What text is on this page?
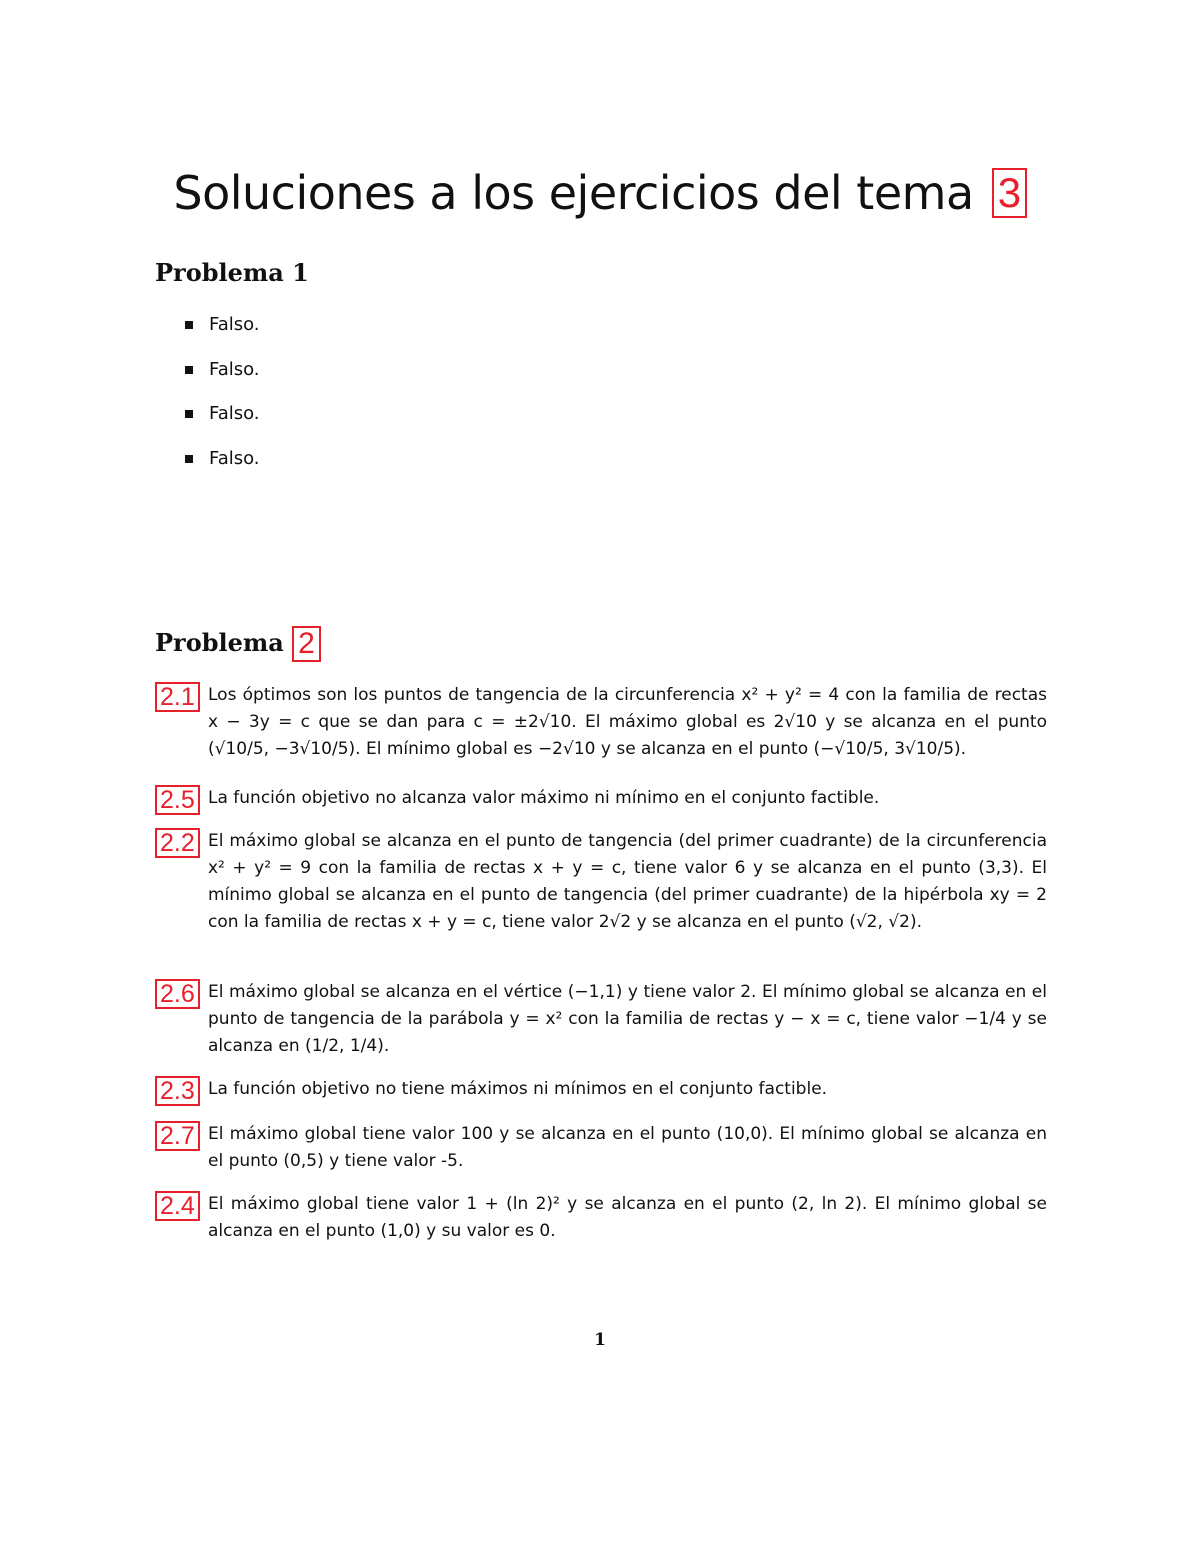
Soluciones a los ejercicios del tema 3
Problema 1
Falso.
Falso.
Falso.
Falso.
Problema 2
2.1 Los óptimos son los puntos de tangencia de la circunferencia x² + y² = 4 con la familia de rectas x − 3y = c que se dan para c = ±2√10. El máximo global es 2√10 y se alcanza en el punto (√10/5, −3√10/5). El mínimo global es −2√10 y se alcanza en el punto (−√10/5, 3√10/5).
2.5 La función objetivo no alcanza valor máximo ni mínimo en el conjunto factible.
2.2 El máximo global se alcanza en el punto de tangencia (del primer cuadrante) de la circunferencia x² + y² = 9 con la familia de rectas x + y = c, tiene valor 6 y se alcanza en el punto (3,3). El mínimo global se alcanza en el punto de tangencia (del primer cuadrante) de la hipérbola xy = 2 con la familia de rectas x + y = c, tiene valor 2√2 y se alcanza en el punto (√2, √2).
2.6 El máximo global se alcanza en el vértice (−1,1) y tiene valor 2. El mínimo global se alcanza en el punto de tangencia de la parábola y = x² con la familia de rectas y − x = c, tiene valor −1/4 y se alcanza en (1/2, 1/4).
2.3 La función objetivo no tiene máximos ni mínimos en el conjunto factible.
2.7 El máximo global tiene valor 100 y se alcanza en el punto (10,0). El mínimo global se alcanza en el punto (0,5) y tiene valor -5.
2.4 El máximo global tiene valor 1 + (ln 2)² y se alcanza en el punto (2, ln 2). El mínimo global se alcanza en el punto (1,0) y su valor es 0.
1
